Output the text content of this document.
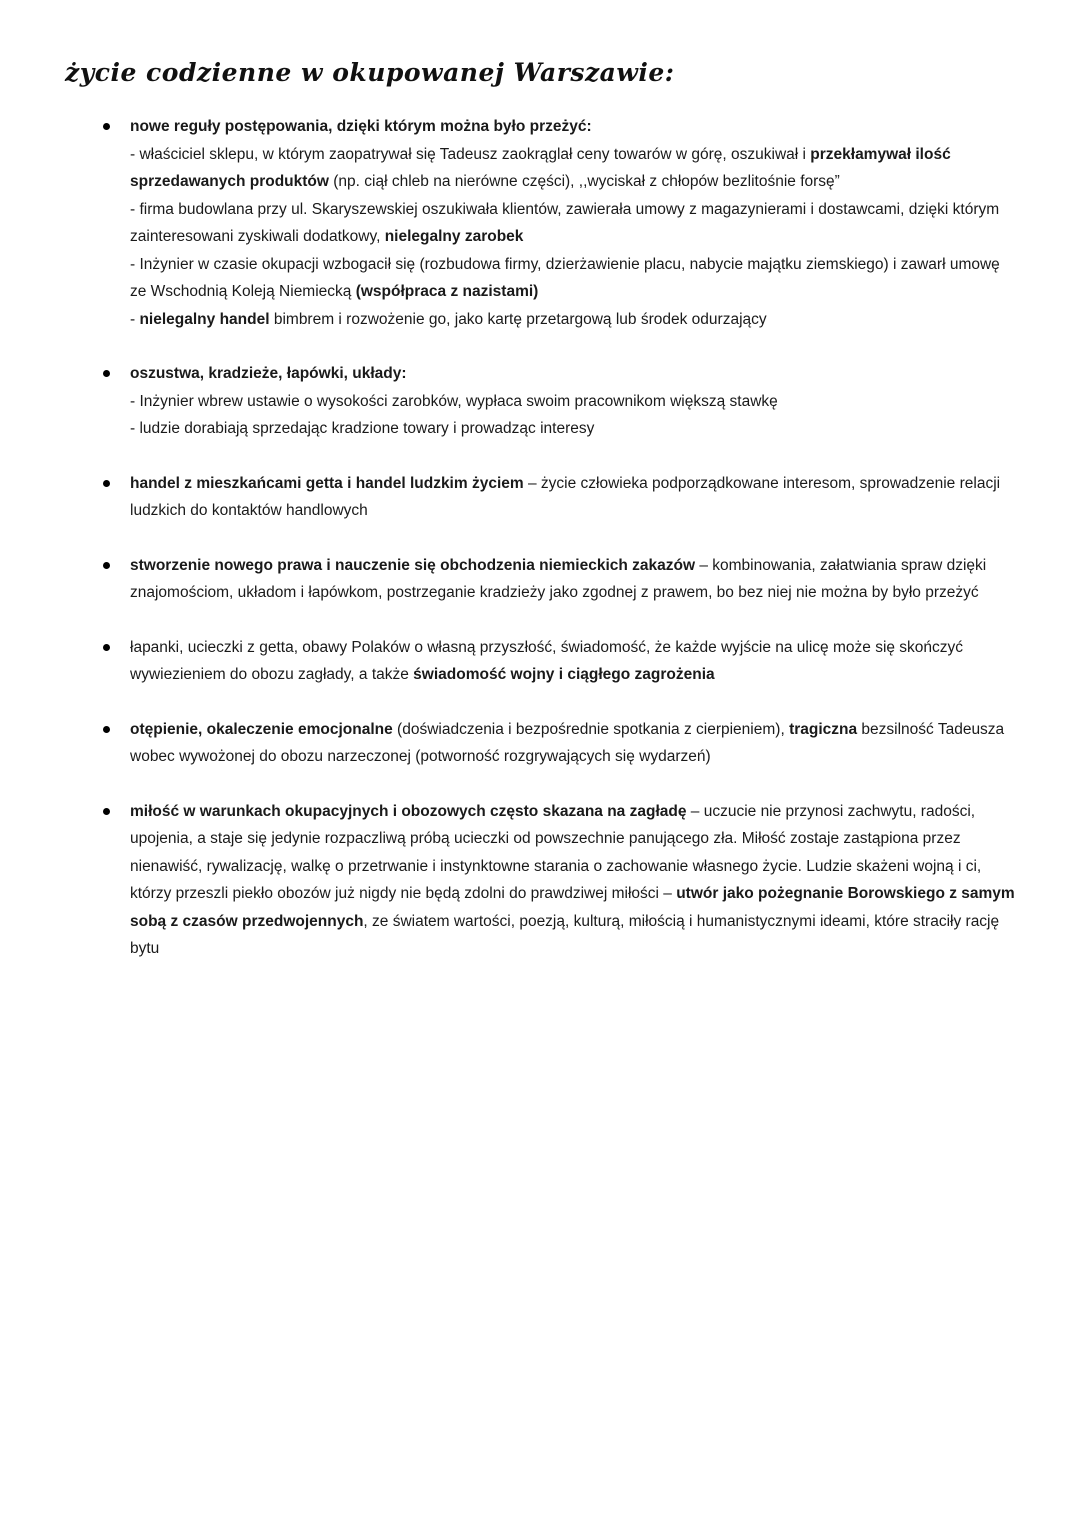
życie codzienne w okupowanej Warszawie:

nowe reguły postępowania, dzięki którym można było przeżyć:

- właściciel sklepu, w którym zaopatrywał się Tadeusz zaokrąglał ceny towarów w górę, oszukiwał i przekłamywał ilość sprzedawanych produktów (np. ciął chleb na nierówne części), ,,wyciskał z chłopów bezlitośnie forsę”

- firma budowlana przy ul. Skaryszewskiej oszukiwała klientów, zawierała umowy z magazynierami i dostawcami, dzięki którym zainteresowani zyskiwali dodatkowy, nielegalny zarobek

- Inżynier w czasie okupacji wzbogacił się (rozbudowa firmy, dzierżawienie placu, nabycie majątku ziemskiego) i zawarł umowę ze Wschodnią Koleją Niemiecką (współpraca z nazistami)

- nielegalny handel bimbrem i rozwożenie go, jako kartę przetargową lub środek odurzający

oszustwa, kradzieże, łapówki, układy:

- Inżynier wbrew ustawie o wysokości zarobków, wypłaca swoim pracownikom większą stawkę

- ludzie dorabiają sprzedając kradzione towary i prowadząc interesy

handel z mieszkańcami getta i handel ludzkim życiem – życie człowieka podporządkowane interesom, sprowadzenie relacji ludzkich do kontaktów handlowych

stworzenie nowego prawa i nauczenie się obchodzenia niemieckich zakazów – kombinowania, załatwiania spraw dzięki znajomościom, układom i łapówkom, postrzeganie kradzieży jako zgodnej z prawem, bo bez niej nie można by było przeżyć

łapanki, ucieczki z getta, obawy Polaków o własną przyszłość, świadomość, że każde wyjście na ulicę może się skończyć wywiezieniem do obozu zagłady, a także świadomość wojny i ciągłego zagrożenia

otępienie, okaleczenie emocjonalne (doświadczenia i bezpośrednie spotkania z cierpieniem), tragiczna bezsilność Tadeusza wobec wywożonej do obozu narzeczonej (potworność rozgrywających się wydarzeń)

miłość w warunkach okupacyjnych i obozowych często skazana na zagładę – uczucie nie przynosi zachwytu, radości, upojenia, a staje się jedynie rozpaczliwą próbą ucieczki od powszechnie panującego zła. Miłość zostaje zastąpiona przez nienawiść, rywalizację, walkę o przetrwanie i instynktowne starania o zachowanie własnego życie. Ludzie skażeni wojną i ci, którzy przeszli piekło obozów już nigdy nie będą zdolni do prawdziwej miłości – utwór jako pożegnanie Borowskiego z samym sobą z czasów przedwojennych, ze światem wartości, poezją, kulturą, miłością i humanistycznymi ideami, które straciły rację bytu
